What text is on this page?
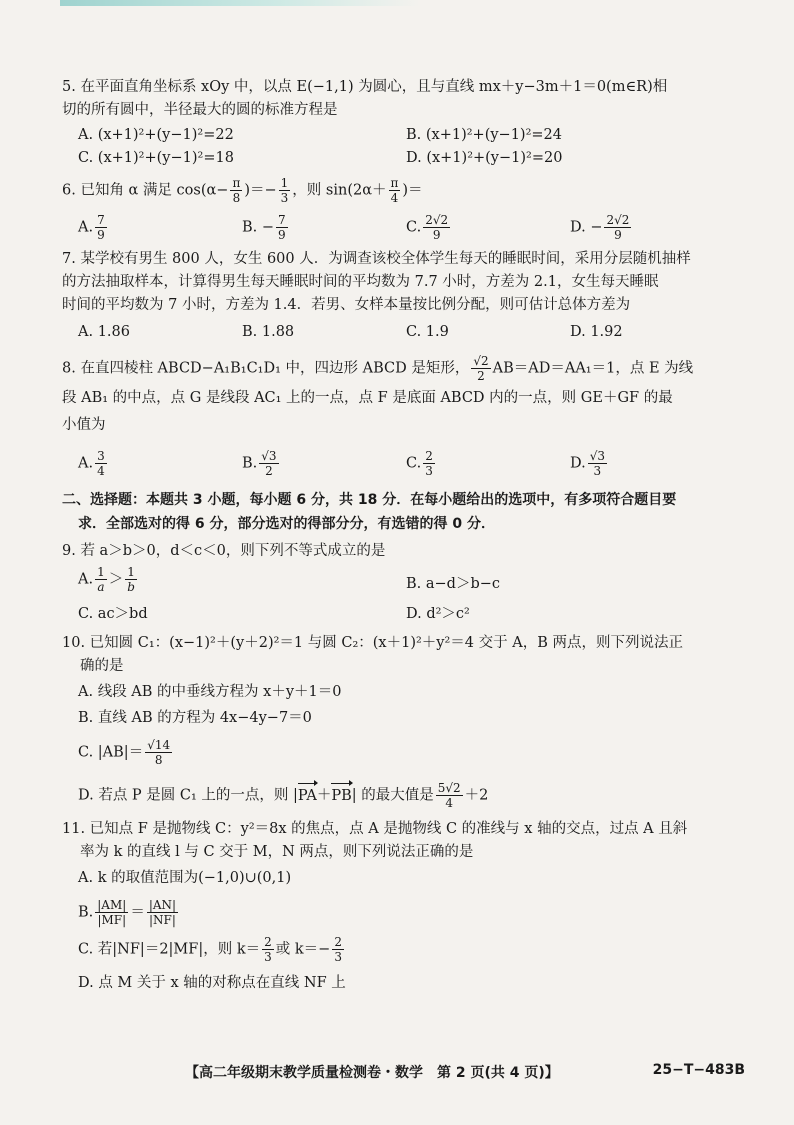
5. 在平面直角坐标系 xOy 中，以点 E(−1,1) 为圆心，且与直线 mx＋y−3m＋1＝0(m∈R)相

切的所有圆中，半径最大的圆的标准方程是

A. (x+1)²+(y−1)²=22	B. (x+1)²+(y−1)²=24
C. (x+1)²+(y−1)²=18	D. (x+1)²+(y−1)²=20

6. 已知角 α 满足 $\cos(\alpha- \frac{\pi}{8}$ )＝− $\frac{1}{3}$ ，则 $\sin(2\alpha+ \frac{\pi}{4}$ )＝

A. $\frac{7}{9}$	B. − $\frac{7}{9}$	C. $\frac{2√2}{9}$	D. − $\frac{2√2}{9}$

7. 某学校有男生 800 人，女生 600 人．为调查该校全体学生每天的睡眠时间，采用分层随机抽样

的方法抽取样本，计算得男生每天睡眠时间的平均数为 7.7 小时，方差为 2.1，女生每天睡眠

时间的平均数为 7 小时，方差为 1.4．若男、女样本量按比例分配，则可估计总体方差为

A. 1.86	B. 1.88	C. 1.9	D. 1.92

8. 在直四棱柱 ABCD−A₁B₁C₁D₁ 中，四边形 ABCD 是矩形， $\frac{√2}{2} AB=AD=AA_1=1$，点 E 为线

段 AB₁ 的中点，点 G 是线段 AC₁ 上的一点，点 F 是底面 ABCD 内的一点，则 GE＋GF 的最

小值为

A. $\frac{3}{4}$	B. $\frac{√3}{2}$	C. $\frac{2}{3}$	D. $\frac{√3}{3}$
二、选择题：本题共 3 小题，每小题 6 分，共 18 分．在每小题给出的选项中，有多项符合题目要
求．全部选对的得 6 分，部分选对的得部分分，有选错的得 0 分．

9. 若 a＞b＞0，d＜c＜0，则下列不等式成立的是

A. $\frac{1}{a} > \frac{1}{b}$	B. a−d＞b−c
C. ac＞bd	D. d²＞c²

10. 已知圆 C₁：(x−1)²＋(y＋2)²＝1 与圆 C₂：(x＋1)²＋y²＝4 交于 A，B 两点，则下列说法正

确的是

A. 线段 AB 的中垂线方程为 x＋y＋1＝0
B. 直线 AB 的方程为 4x−4y−7＝0
C. $|AB|= \frac{√14}{8}$
D. 若点 P 是圆 C₁ 上的一点，则 |PA＋PB| 的最大值是 $\frac{5√2}{4} +2$

11. 已知点 F 是抛物线 C：y²＝8x 的焦点，点 A 是抛物线 C 的准线与 x 轴的交点，过点 A 且斜

率为 k 的直线 l 与 C 交于 M，N 两点，则下列说法正确的是

A. k 的取值范围为(−1,0)∪(0,1)
B. $\frac{|AM|}{|MF|} = \frac{|AN|}{|NF|}$
C. 若|NF|＝2|MF|，则 $k= \frac{2}{3}$ 或 $k=- \frac{2}{3}$
D. 点 M 关于 x 轴的对称点在直线 NF 上
【高二年级期末教学质量检测卷・数学　第 2 页(共 4 页)】	25−T−483B
